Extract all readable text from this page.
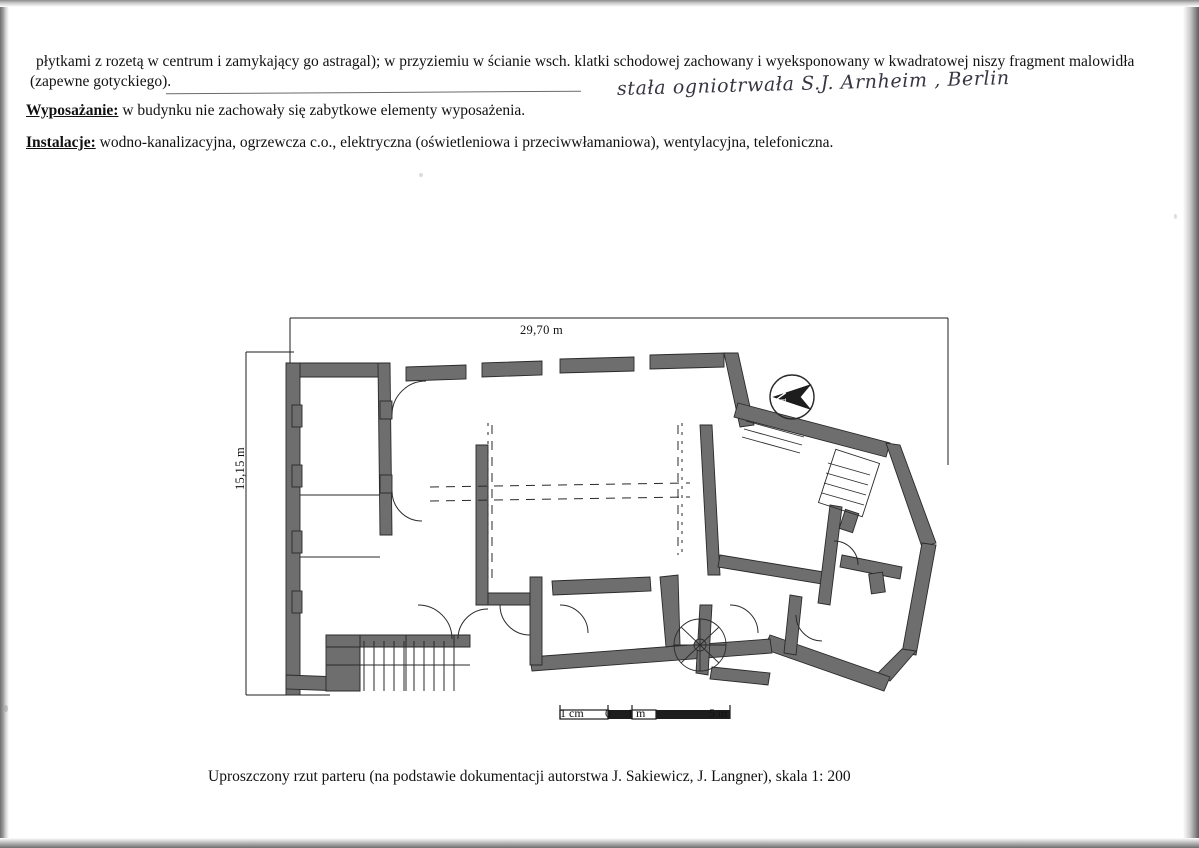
płytkami z rozetą w centrum i zamykający go astragal); w przyziemiu w ścianie wsch. klatki schodowej zachowany i wyeksponowany w kwadratowej niszy fragment malowidła (zapewne gotyckiego).

Wyposażanie: w budynku nie zachowały się zabytkowe elementy wyposażenia.

Instalacje: wodno-kanalizacyjna, ogrzewcza c.o., elektryczna (oświetleniowa i przeciwwłamaniowa), wentylacyjna, telefoniczna.

stała ogniotrwała S.J. Arnheim , Berlin
N
29,70 m
15,15 m
1 cm 0 1 m	5 m
Uproszczony rzut parteru (na podstawie dokumentacji autorstwa J. Sakiewicz, J. Langner), skala 1: 200
